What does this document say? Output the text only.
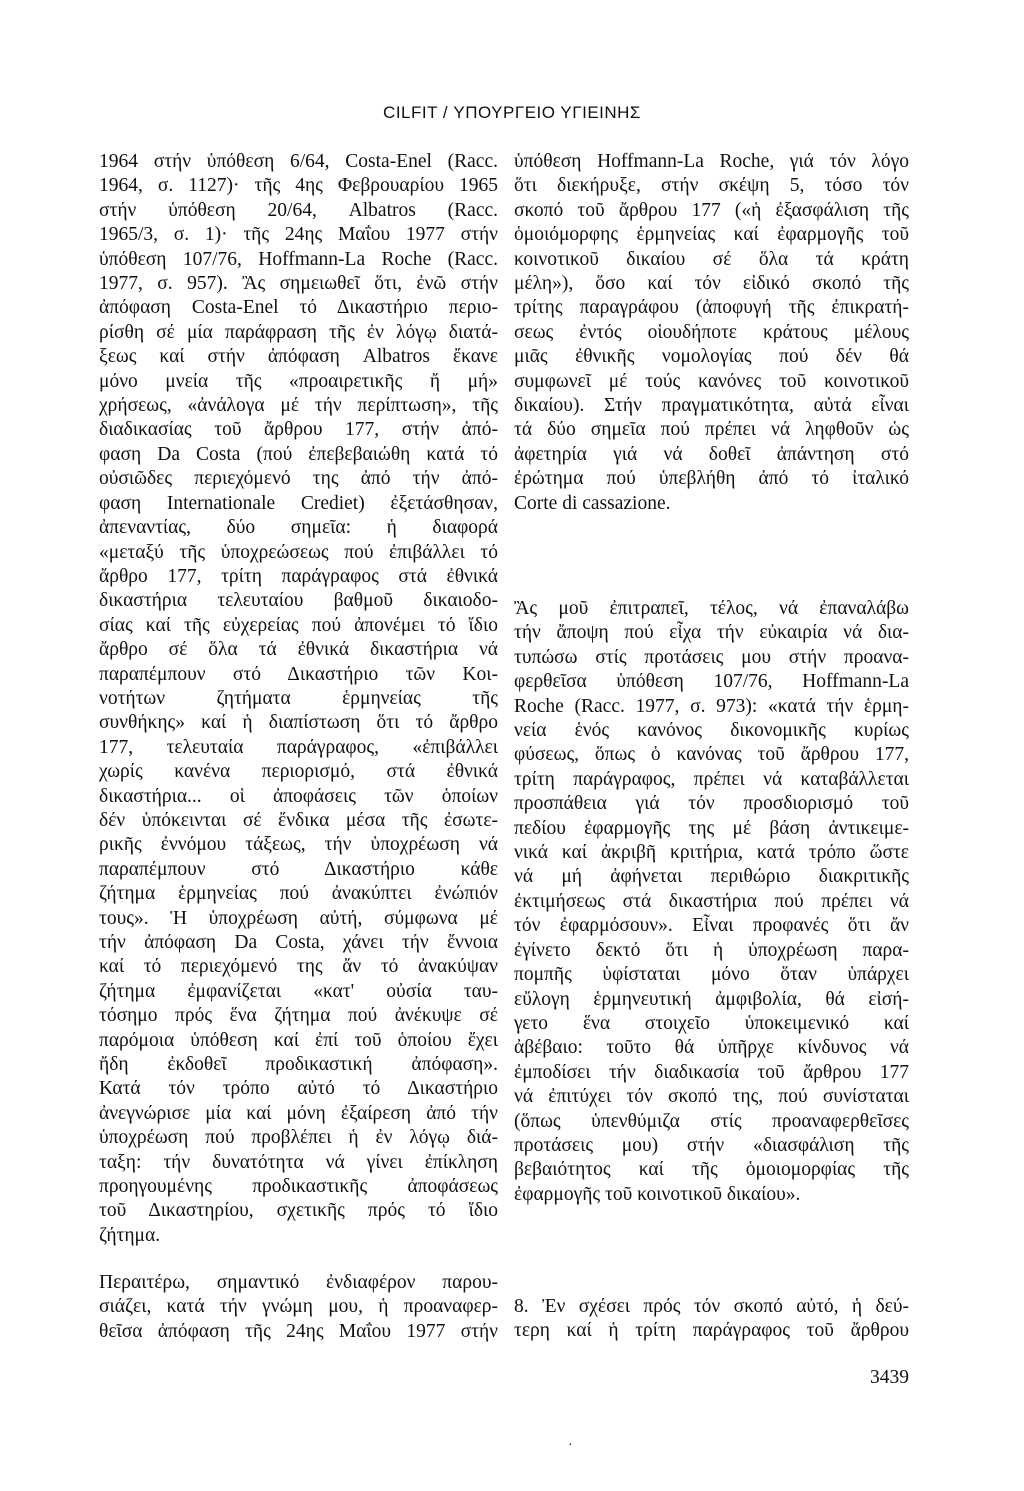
CILFIT / ΥΠΟΥΡΓΕΙΟ ΥΓΙΕΙΝΗΣ
1964 στήν ὑπόθεση 6/64, Costa-Enel (Racc.
1964, σ. 1127)· τῆς 4ης Φεβρουαρίου 1965
στήν ὑπόθεση 20/64, Albatros (Racc.
1965/3, σ. 1)· τῆς 24ης Μαΐου 1977 στήν
ὑπόθεση 107/76, Hoffmann-La Roche (Racc.
1977, σ. 957). Ἂς σημειωθεῖ ὅτι, ἐνῶ στήν
ἀπόφαση Costa-Enel τό Δικαστήριο περιο-
ρίσθη σέ μία παράφραση τῆς ἐν λόγῳ διατά-
ξεως καί στήν ἀπόφαση Albatros ἔκανε
μόνο μνεία τῆς «προαιρετικῆς ἤ μή»
χρήσεως, «ἀνάλογα μέ τήν περίπτωση», τῆς
διαδικασίας τοῦ ἄρθρου 177, στήν ἀπό-
φαση Da Costa (πού ἐπεβεβαιώθη κατά τό
οὐσιῶδες περιεχόμενό της ἀπό τήν ἀπό-
φαση Internationale Crediet) ἐξετάσθησαν,
ἀπεναντίας, δύο σημεῖα: ἡ διαφορά
«μεταξύ τῆς ὑποχρεώσεως πού ἐπιβάλλει τό
ἄρθρο 177, τρίτη παράγραφος στά ἐθνικά
δικαστήρια τελευταίου βαθμοῦ δικαιοδο-
σίας καί τῆς εὐχερείας πού ἀπονέμει τό ἴδιο
ἄρθρο σέ ὅλα τά ἐθνικά δικαστήρια νά
παραπέμπουν στό Δικαστήριο τῶν Κοι-
νοτήτων ζητήματα ἑρμηνείας τῆς
συνθήκης» καί ἡ διαπίστωση ὅτι τό ἄρθρο
177, τελευταία παράγραφος, «ἐπιβάλλει
χωρίς κανένα περιορισμό, στά ἐθνικά
δικαστήρια... οἱ ἀποφάσεις τῶν ὁποίων
δέν ὑπόκεινται σέ ἔνδικα μέσα τῆς ἐσωτε-
ρικῆς ἐννόμου τάξεως, τήν ὑποχρέωση νά
παραπέμπουν στό Δικαστήριο κάθε
ζήτημα ἑρμηνείας πού ἀνακύπτει ἐνώπιόν
τους». Ἡ ὑποχρέωση αὐτή, σύμφωνα μέ
τήν ἀπόφαση Da Costa, χάνει τήν ἔννοια
καί τό περιεχόμενό της ἄν τό ἀνακύψαν
ζήτημα ἐμφανίζεται «κατ' οὐσία ταυ-
τόσημο πρός ἕνα ζήτημα πού ἀνέκυψε σέ
παρόμοια ὑπόθεση καί ἐπί τοῦ ὁποίου ἔχει
ἤδη ἐκδοθεῖ προδικαστική ἀπόφαση».
Κατά τόν τρόπο αὐτό τό Δικαστήριο
ἀνεγνώρισε μία καί μόνη ἐξαίρεση ἀπό τήν
ὑποχρέωση πού προβλέπει ἡ ἐν λόγῳ διά-
ταξη: τήν δυνατότητα νά γίνει ἐπίκληση
προηγουμένης προδικαστικῆς ἀποφάσεως
τοῦ Δικαστηρίου, σχετικῆς πρός τό ἴδιο
ζήτημα.
ὑπόθεση Hoffmann-La Roche, γιά τόν λόγο
ὅτι διεκήρυξε, στήν σκέψη 5, τόσο τόν
σκοπό τοῦ ἄρθρου 177 («ἡ ἐξασφάλιση τῆς
ὁμοιόμορφης ἑρμηνείας καί ἐφαρμογῆς τοῦ
κοινοτικοῦ δικαίου σέ ὅλα τά κράτη
μέλη»), ὅσο καί τόν εἰδικό σκοπό τῆς
τρίτης παραγράφου (ἀποφυγή τῆς ἐπικρατή-
σεως ἐντός οἱουδήποτε κράτους μέλους
μιᾶς ἐθνικῆς νομολογίας πού δέν θά
συμφωνεῖ μέ τούς κανόνες τοῦ κοινοτικοῦ
δικαίου). Στήν πραγματικότητα, αὐτά εἶναι
τά δύο σημεῖα πού πρέπει νά ληφθοῦν ὡς
ἀφετηρία γιά νά δοθεῖ ἀπάντηση στό
ἐρώτημα πού ὑπεβλήθη ἀπό τό ἰταλικό
Corte di cassazione.
Ἂς μοῦ ἐπιτραπεῖ, τέλος, νά ἐπαναλάβω
τήν ἄποψη πού εἶχα τήν εὐκαιρία νά δια-
τυπώσω στίς προτάσεις μου στήν προανα-
φερθεῖσα ὑπόθεση 107/76, Hoffmann-La
Roche (Racc. 1977, σ. 973): «κατά τήν ἑρμη-
νεία ἑνός κανόνος δικονομικῆς κυρίως
φύσεως, ὅπως ὁ κανόνας τοῦ ἄρθρου 177,
τρίτη παράγραφος, πρέπει νά καταβάλλεται
προσπάθεια γιά τόν προσδιορισμό τοῦ
πεδίου ἐφαρμογῆς της μέ βάση ἀντικειμε-
νικά καί ἀκριβῆ κριτήρια, κατά τρόπο ὥστε
νά μή ἀφήνεται περιθώριο διακριτικῆς
ἐκτιμήσεως στά δικαστήρια πού πρέπει νά
τόν ἐφαρμόσουν». Εἶναι προφανές ὅτι ἄν
ἐγίνετο δεκτό ὅτι ἡ ὑποχρέωση παρα-
πομπῆς ὑφίσταται μόνο ὅταν ὑπάρχει
εὔλογη ἑρμηνευτική ἀμφιβολία, θά εἰσή-
γετο ἕνα στοιχεῖο ὑποκειμενικό καί
ἀβέβαιο: τοῦτο θά ὑπῆρχε κίνδυνος νά
ἐμποδίσει τήν διαδικασία τοῦ ἄρθρου 177
νά ἐπιτύχει τόν σκοπό της, πού συνίσταται
(ὅπως ὑπενθύμιζα στίς προαναφερθεῖσες
προτάσεις μου) στήν «διασφάλιση τῆς
βεβαιότητος καί τῆς ὁμοιομορφίας τῆς
ἐφαρμογῆς τοῦ κοινοτικοῦ δικαίου».
Περαιτέρω, σημαντικό ἐνδιαφέρον παρου-
σιάζει, κατά τήν γνώμη μου, ἡ προαναφερ-
θεῖσα ἀπόφαση τῆς 24ης Μαΐου 1977 στήν
8. Ἐν σχέσει πρός τόν σκοπό αὐτό, ἡ δεύ-
τερη καί ἡ τρίτη παράγραφος τοῦ ἄρθρου
3439
·
